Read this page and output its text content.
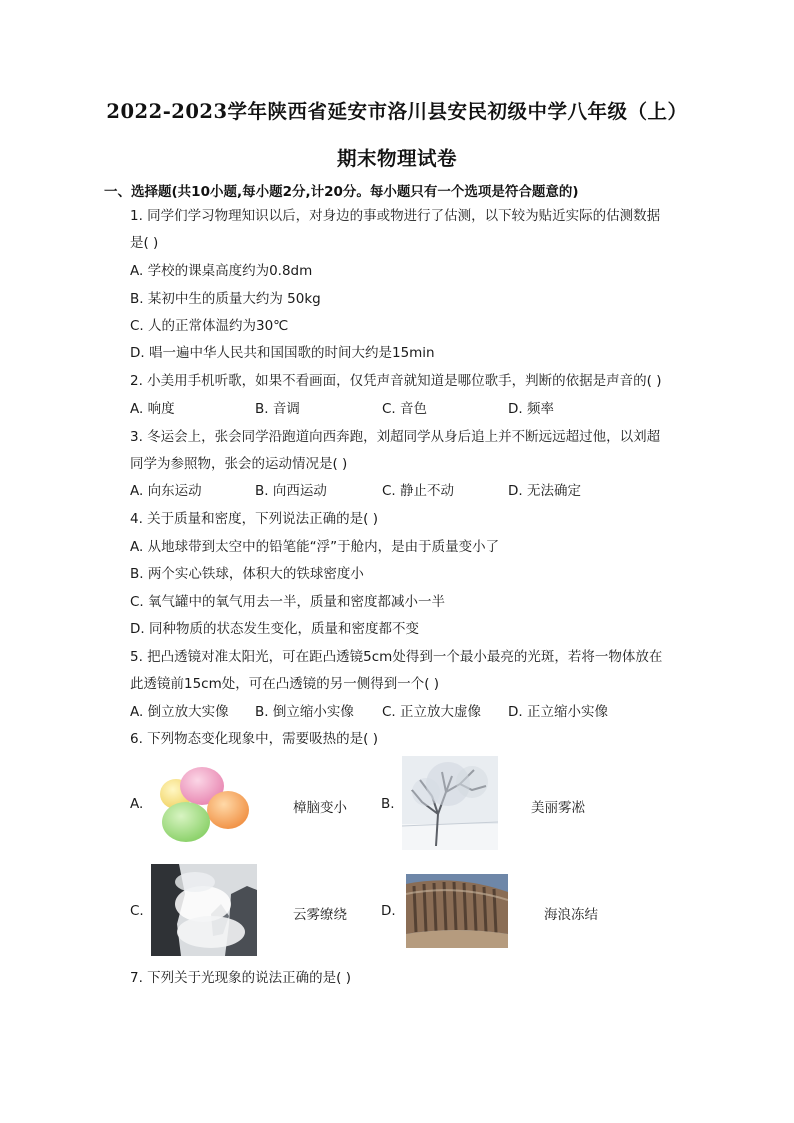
2022-2023学年陕西省延安市洛川县安民初级中学八年级（上）
期末物理试卷
一、选择题(共10小题,每小题2分,计20分。每小题只有一个选项是符合题意的)
1. 同学们学习物理知识以后，对身边的事或物进行了估测，以下较为贴近实际的估测数据
是( )
A. 学校的课桌高度约为0.8dm
B. 某初中生的质量大约为 50kg
C. 人的正常体温约为30℃
D. 唱一遍中华人民共和国国歌的时间大约是15min
2. 小美用手机听歌，如果不看画面，仅凭声音就知道是哪位歌手，判断的依据是声音的( )
A. 响度	B. 音调	C. 音色	D. 频率
3. 冬运会上，张会同学沿跑道向西奔跑，刘超同学从身后追上并不断远远超过他，以刘超
同学为参照物，张会的运动情况是( )
A. 向东运动	B. 向西运动	C. 静止不动	D. 无法确定
4. 关于质量和密度，下列说法正确的是( )
A. 从地球带到太空中的铅笔能“浮”于舱内，是由于质量变小了
B. 两个实心铁球，体积大的铁球密度小
C. 氧气罐中的氧气用去一半，质量和密度都减小一半
D. 同种物质的状态发生变化，质量和密度都不变
5. 把凸透镜对准太阳光，可在距凸透镜5cm处得到一个最小最亮的光斑，若将一物体放在
此透镜前15cm处，可在凸透镜的另一侧得到一个( )
A. 倒立放大实像 B. 倒立缩小实像 C. 正立放大虚像 D. 正立缩小实像
6. 下列物态变化现象中，需要吸热的是( )
A.	樟脑变小	B.	美丽雾凇
C.	云雾缭绕	D.	海浪冻结
7. 下列关于光现象的说法正确的是( )
